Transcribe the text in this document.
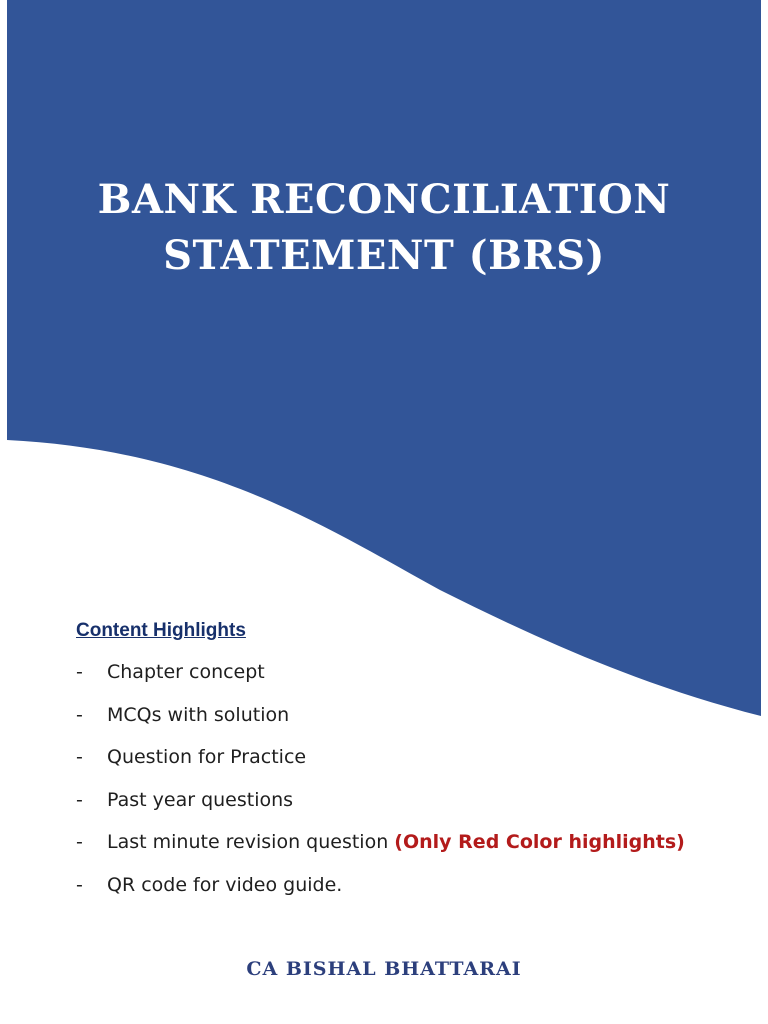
BANK RECONCILIATION
STATEMENT (BRS)
Content Highlights
- Chapter concept
- MCQs with solution
- Question for Practice
- Past year questions
- Last minute revision question (Only Red Color highlights)
- QR code for video guide.
CA BISHAL BHATTARAI
